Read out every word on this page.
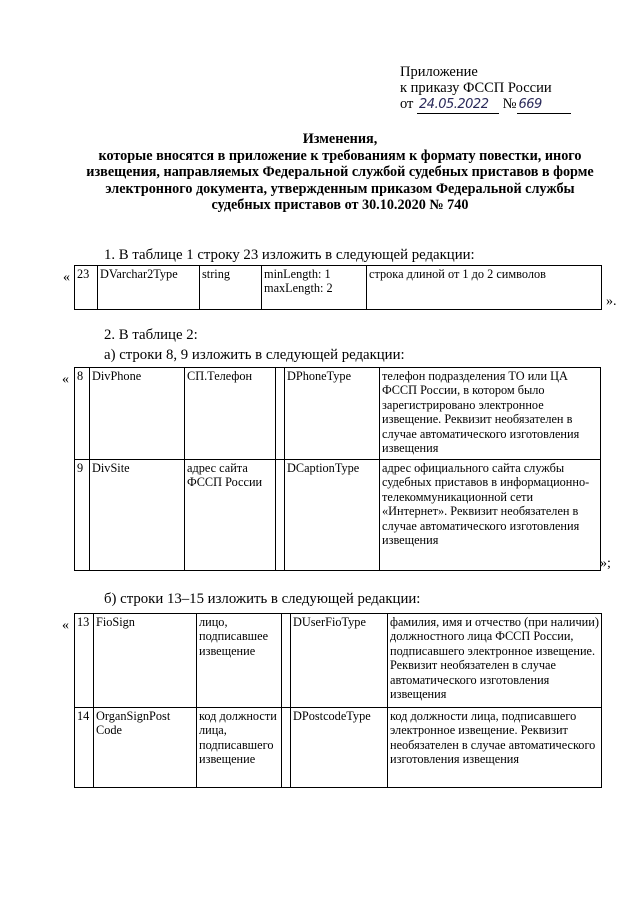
Приложение
к приказу ФССП России
от 24.05.2022 № 669
Изменения,
которые вносятся в приложение к требованиям к формату повестки, иного
извещения, направляемых Федеральной службой судебных приставов в форме
электронного документа, утвержденным приказом Федеральной службы
судебных приставов от 30.10.2020 № 740
1. В таблице 1 строку 23 изложить в следующей редакции:
« 23	DVarchar2Type	string	minLength: 1
maxLength: 2
	строка длиной от 1 до 2 символов
».
2. В таблице 2:
а) строки 8, 9 изложить в следующей редакции:
« 8	DivPhone	СП.Телефон		DPhoneType	телефон подразделения ТО или ЦА ФССП России, в котором было зарегистрировано электронное извещение. Реквизит необязателен в случае автоматического изготовления извещения
9	DivSite	адрес сайта ФССП России		DCaptionType	адрес официального сайта службы судебных приставов в информационно-телекоммуникационной сети «Интернет». Реквизит необязателен в случае автоматического изготовления извещения
»;
б) строки 13–15 изложить в следующей редакции:
« 13	FioSign	лицо, подписавшее извещение		DUserFioType	фамилия, имя и отчество (при наличии) должностного лица ФССП России, подписавшего электронное извещение. Реквизит необязателен в случае автоматического изготовления извещения
14	OrganSignPost Code	код должности лица, подписавшего извещение		DPostcodeType	код должности лица, подписавшего электронное извещение. Реквизит необязателен в случае автоматического изготовления извещения
